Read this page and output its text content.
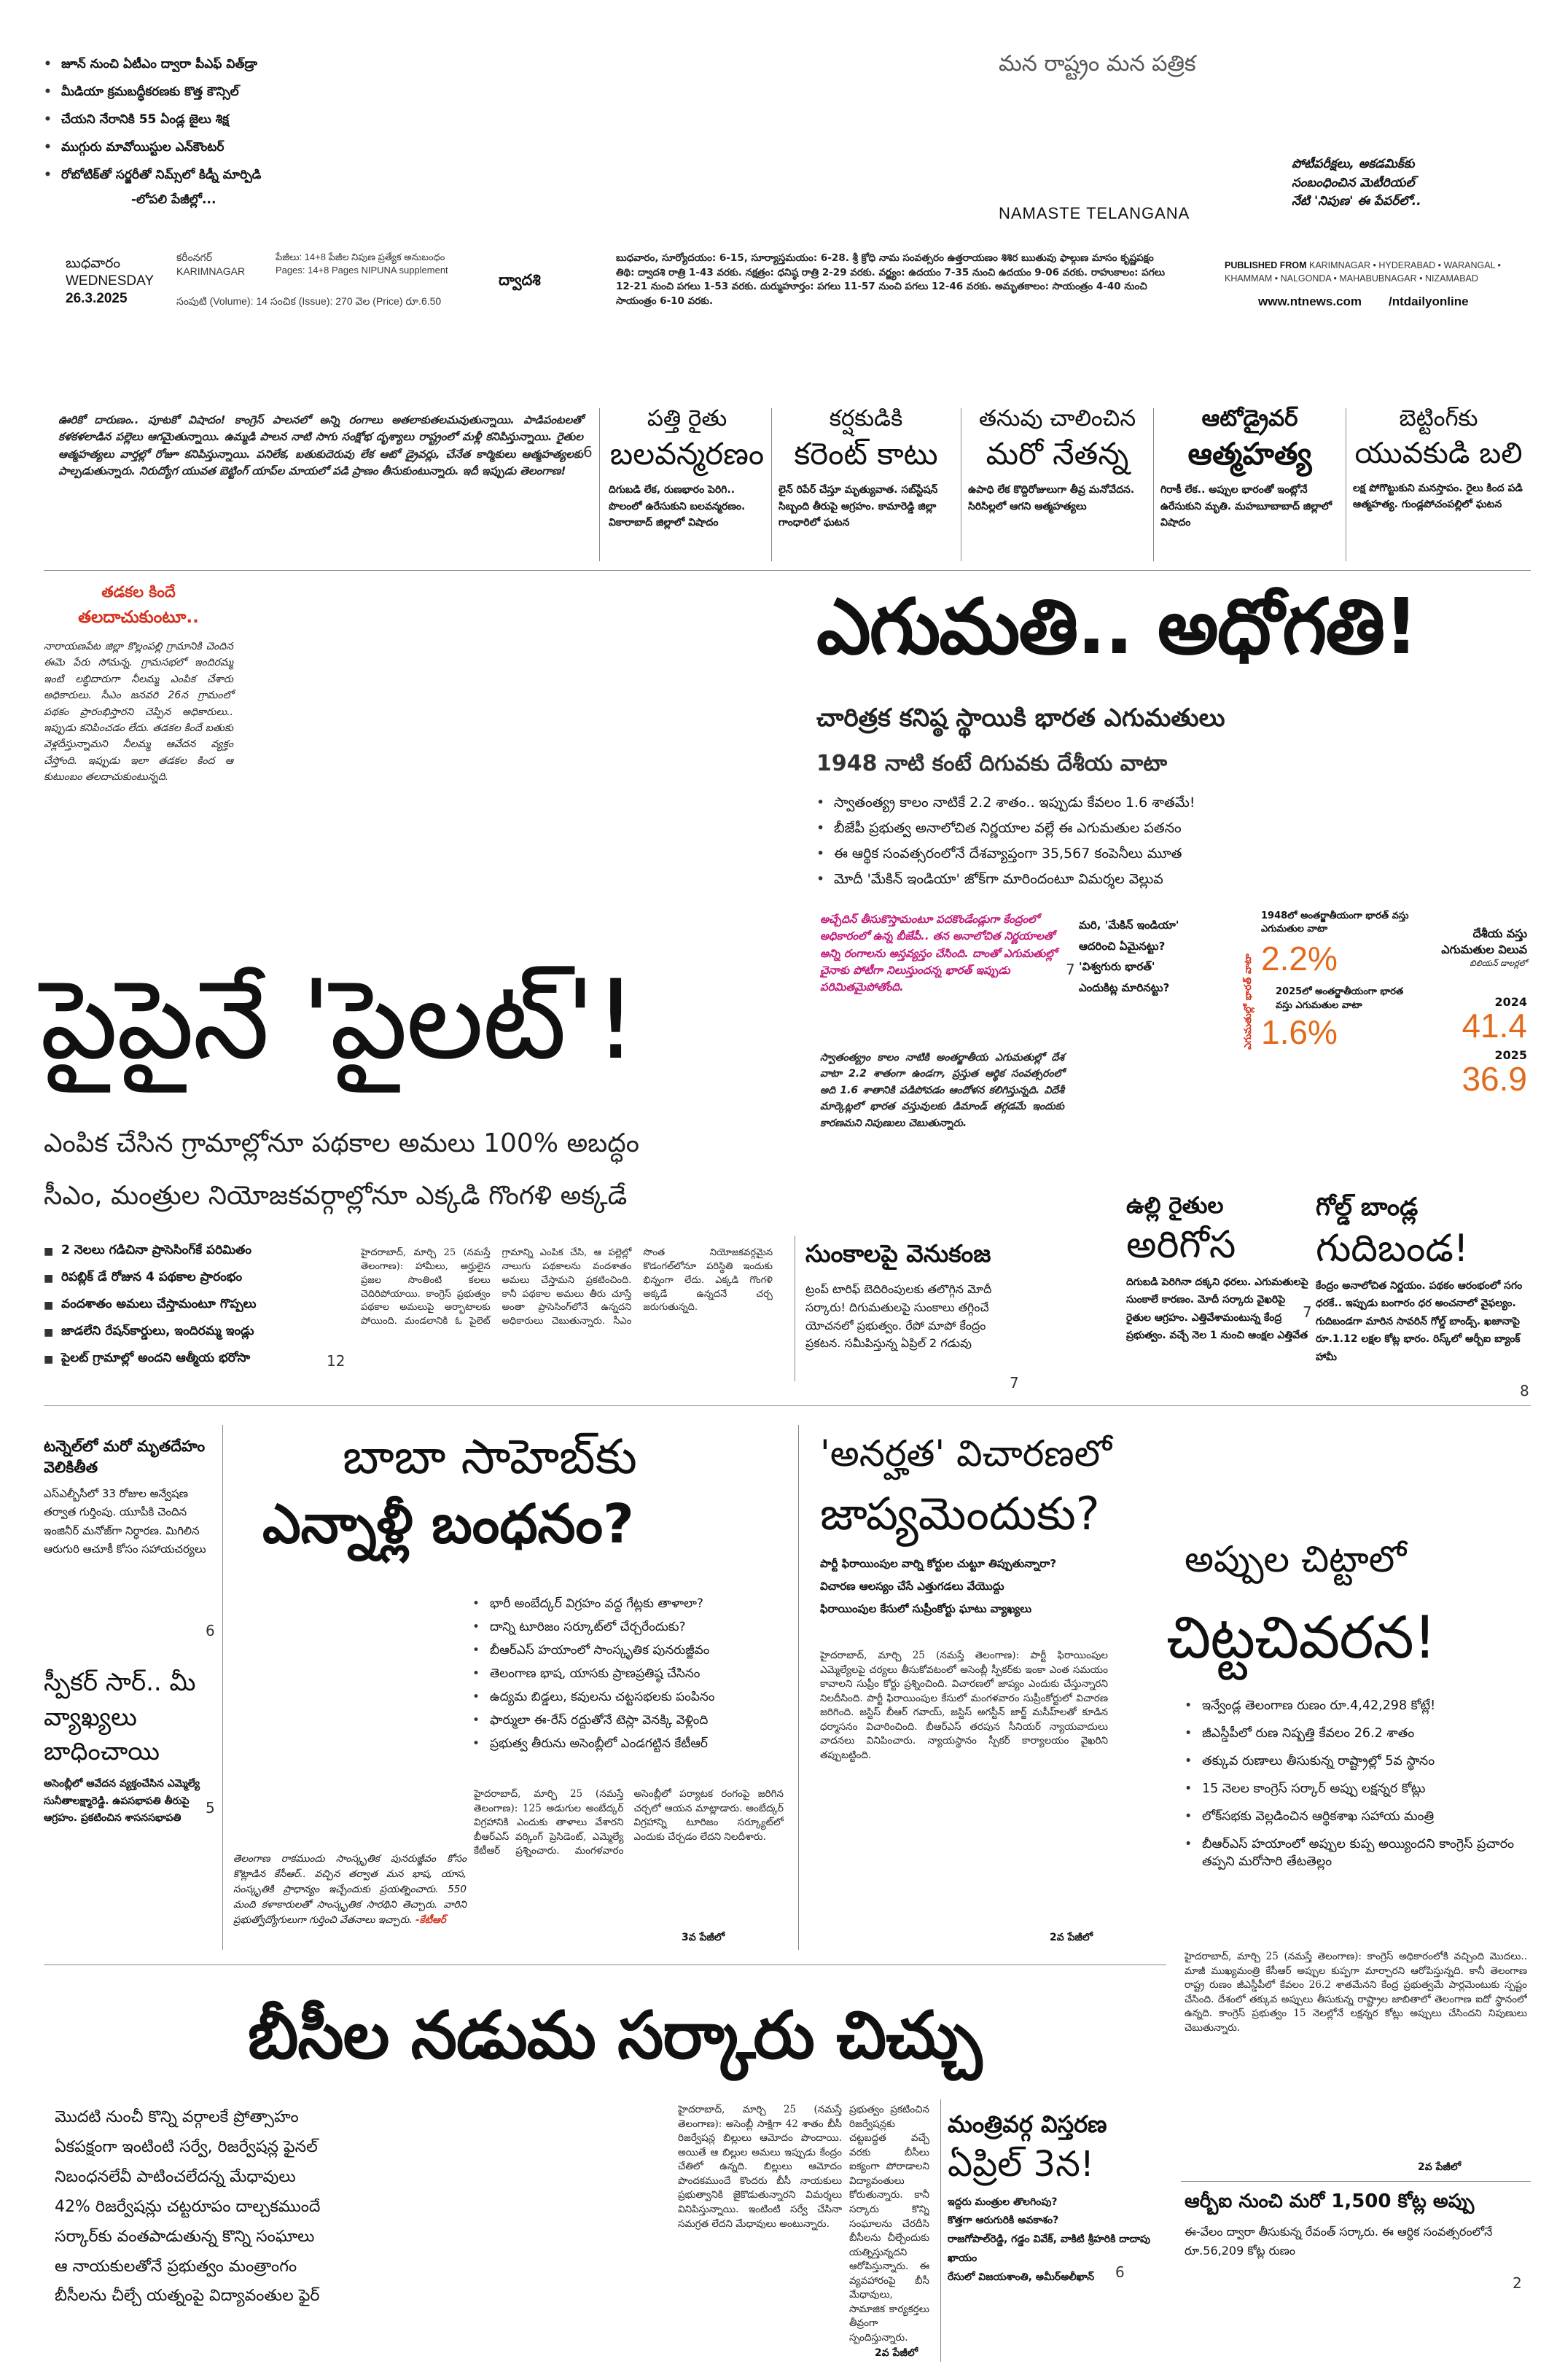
• జూన్ నుంచి ఏటీఎం ద్వారా పీఎఫ్ విత్‌డ్రా
• మీడియా క్రమబద్ధీకరణకు కొత్త కౌన్సిల్
• చేయని నేరానికి 55 ఏండ్ల జైలు శిక్ష
• ముగ్గురు మావోయిస్టుల ఎన్‌కౌంటర్
• రోబోటిక్‌తో సర్జరీతో నిమ్స్‌లో కిడ్నీ మార్పిడి
-లోపలి పేజీల్లో...
మన రాష్ట్రం మన పత్రిక
NAMASTE TELANGANA
పోటీపరీక్షలు, అకడమిక్‌కు
సంబంధించిన మెటీరియల్
నేటి 'నిపుణ' ఈ పేపర్‌లో..
బుధవారం
WEDNESDAY
26.3.2025
కరీంనగర్
KARIMNAGAR
పేజీలు: 14+8 పేజీల నిపుణ ప్రత్యేక అనుబంధం
Pages: 14+8 Pages NIPUNA supplement
సంపుటి (Volume): 14 సంచిక (Issue): 270 వెల (Price) రూ.6.50
ద్వాదశి
బుధవారం, సూర్యోదయం: 6-15, సూర్యాస్తమయం: 6-28. శ్రీ క్రోధి నామ సంవత్సరం ఉత్తరాయణం శిశిర ఋతువు ఫాల్గుణ మాసం కృష్ణపక్షం తిథి: ద్వాదశి రాత్రి 1-43 వరకు. నక్షత్రం: ధనిష్ఠ రాత్రి 2-29 వరకు. వర్జ్యం: ఉదయం 7-35 నుంచి ఉదయం 9-06 వరకు. రాహుకాలం: పగలు 12-21 నుంచి పగలు 1-53 వరకు. దుర్ముహూర్తం: పగలు 11-57 నుంచి పగలు 12-46 వరకు. అమృతకాలం: సాయంత్రం 4-40 నుంచి సాయంత్రం 6-10 వరకు.
PUBLISHED FROM KARIMNAGAR • HYDERABAD • WARANGAL • KHAMMAM • NALGONDA • MAHABUBNAGAR • NIZAMABAD
www.ntnews.com /ntdailyonline
ఊరికో దారుణం.. పూటకో విషాదం! కాంగ్రెస్ పాలనలో అన్ని రంగాలు అతలాకుతలమవుతున్నాయి. పాడిపంటలతో కళకళలాడిన పల్లెలు ఆగమైతున్నాయి. ఉమ్మడి పాలన నాటి సాగు సంక్షోభ దృశ్యాలు రాష్ట్రంలో మళ్లీ కనిపిస్తున్నాయి. రైతుల ఆత్మహత్యలు వార్తల్లో రోజూ కనిపిస్తున్నాయి. పనిలేక, బతుకుదెరువు లేక ఆటో డ్రైవర్లు, చేనేత కార్మికులు ఆత్మహత్యలకు పాల్పడుతున్నారు. నిరుద్యోగ యువత బెట్టింగ్ యాప్‌ల మాయలో పడి ప్రాణం తీసుకుంటున్నారు. ఇదీ ఇప్పుడు తెలంగాణ!
6
పత్తి రైతు
బలవన్మరణం
దిగుబడి లేక, రుణభారం పెరిగి.. పొలంలో ఉరేసుకుని బలవన్మరణం. వికారాబాద్ జిల్లాలో విషాదం
కర్షకుడికి
కరెంట్ కాటు
లైన్ రిపేర్ చేస్తూ మృత్యువాత. సబ్‌స్టేషన్ సిబ్బంది తీరుపై ఆగ్రహం. కామారెడ్డి జిల్లా గాంధారిలో ఘటన
తనువు చాలించిన
మరో నేతన్న
ఉపాధి లేక కొద్దిరోజులుగా తీవ్ర మనోవేదన. సిరిసిల్లలో ఆగని ఆత్మహత్యలు
ఆటోడ్రైవర్
ఆత్మహత్య
గిరాకీ లేక.. అప్పుల భారంతో ఇంట్లోనే ఉరేసుకుని మృతి. మహబూబాబాద్ జిల్లాలో విషాదం
బెట్టింగ్‌కు
యువకుడి బలి
లక్ష పోగొట్టుకుని మనస్తాపం. రైలు కింద పడి ఆత్మహత్య. గుండ్లపోచంపల్లిలో ఘటన
తడకల కిందే
తలదాచుకుంటూ..
నారాయణపేట జిల్లా కొల్లంపల్లి గ్రామానికి చెందిన ఈమె పేరు సోమన్న. గ్రామసభలో ఇందిరమ్మ ఇంటి లబ్ధిదారుగా నీలమ్మ ఎంపిక చేశారు అధికారులు. సీఎం జనవరి 26న గ్రామంలో పథకం ప్రారంభిస్తారని చెప్పిన అధికారులు.. ఇప్పుడు కనిపించడం లేదు. తడకల కిందే బతుకు వెళ్లదీస్తున్నామని నీలమ్మ ఆవేదన వ్యక్తం చేస్తోంది. ఇప్పుడు ఇలా తడకల కింద ఆ కుటుంబం తలదాచుకుంటున్నది.
ఎగుమతి.. అధోగతి!
చారిత్రక కనిష్ఠ స్థాయికి భారత ఎగుమతులు
1948 నాటి కంటే దిగువకు దేశీయ వాటా
• స్వాతంత్య్ర కాలం నాటికే 2.2 శాతం.. ఇప్పుడు కేవలం 1.6 శాతమే!
• బీజేపీ ప్రభుత్వ అనాలోచిత నిర్ణయాల వల్లే ఈ ఎగుమతుల పతనం
• ఈ ఆర్థిక సంవత్సరంలోనే దేశవ్యాప్తంగా 35,567 కంపెనీలు మూత
• మోదీ 'మేకిన్ ఇండియా' జోక్‌గా మారిందంటూ విమర్శల వెల్లువ
అచ్చేదిన్ తీసుకొస్తామంటూ పదకొండేండ్లుగా కేంద్రంలో అధికారంలో ఉన్న బీజేపీ.. తన అనాలోచిత నిర్ణయాలతో అన్ని రంగాలను అస్తవ్యస్తం చేసింది. దాంతో ఎగుమతుల్లో చైనాకు పోటీగా నిలుస్తుందన్న భారత్ ఇప్పుడు పరిమితమైపోతోంది.
స్వాతంత్య్రం కాలం నాటికి అంతర్జాతీయ ఎగుమతుల్లో దేశ వాటా 2.2 శాతంగా ఉండగా, ప్రస్తుత ఆర్థిక సంవత్సరంలో అది 1.6 శాతానికి పడిపోవడం ఆందోళన కలిగిస్తున్నది. విదేశీ మార్కెట్లలో భారత వస్తువులకు డిమాండ్ తగ్గడమే ఇందుకు కారణమని నిపుణులు చెబుతున్నారు.
7
మరి, 'మేకిన్ ఇండియా'
ఆదరించి ఏమైనట్టు?
'విశ్వగురు భారత్'
ఎందుకిట్ల మారినట్టు?	ఎగుమతుల్లో భారత్ వాటా
1948లో అంతర్జాతీయంగా భారత్ వస్తు ఎగుమతుల వాటా
2.2%
2025లో అంతర్జాతీయంగా భారత వస్తు ఎగుమతుల వాటా
1.6%
దేశీయ వస్తు ఎగుమతుల విలువ
బిలియన్ డాలర్లలో
2024
41.4
2025
36.9
పైపైనే 'పైలట్'!
ఎంపిక చేసిన గ్రామాల్లోనూ పథకాల అమలు 100% అబద్ధం
సీఎం, మంత్రుల నియోజకవర్గాల్లోనూ ఎక్కడి గొంగళి అక్కడే
■ 2 నెలలు గడిచినా ప్రాసెసింగ్‌కే పరిమితం
■ రిపబ్లిక్ డే రోజున 4 పథకాల ప్రారంభం
■ వందశాతం అమలు చేస్తామంటూ గొప్పలు
■ జాడలేని రేషన్‌కార్డులు, ఇందిరమ్మ ఇండ్లు
■ పైలట్ గ్రామాల్లో అందని ఆత్మీయ భరోసా
హైదరాబాద్, మార్చి 25 (నమస్తే తెలంగాణ): హామీలు, అర్హులైన ప్రజల సొంతింటి కలలు చెదిరిపోయాయి. కాంగ్రెస్ ప్రభుత్వం పథకాల అమలుపై అర్భాటాలకు పోయింది. మండలానికి ఓ పైలెట్ గ్రామాన్ని ఎంపిక చేసి, ఆ పల్లెల్లో నాలుగు పథకాలను వందశాతం అమలు చేస్తామని ప్రకటించింది. కానీ పథకాల అమలు తీరు చూస్తే అంతా ప్రాసెసింగ్‌లోనే ఉన్నదని అధికారులు చెబుతున్నారు. సీఎం సొంత నియోజకవర్గమైన కొడంగల్‌లోనూ పరిస్థితి ఇందుకు భిన్నంగా లేదు. ఎక్కడి గొంగళి అక్కడే ఉన్నదనే చర్చ జరుగుతున్నది.
12
సుంకాలపై వెనుకంజ
ట్రంప్ టారిఫ్ బెదిరింపులకు తలొగ్గిన మోదీ సర్కారు! దిగుమతులపై సుంకాలు తగ్గించే యోచనలో ప్రభుత్వం. రేపో మాపో కేంద్రం ప్రకటన. సమీపిస్తున్న ఏప్రిల్ 2 గడువు
7
ఉల్లి రైతుల
అరిగోస
దిగుబడి పెరిగినా దక్కని ధరలు. ఎగుమతులపై సుంకాలే కారణం. మోదీ సర్కారు వైఖరిపై రైతుల ఆగ్రహం. ఎత్తివేశామంటున్న కేంద్ర ప్రభుత్వం. వచ్చే నెల 1 నుంచి ఆంక్షల ఎత్తివేత
7
గోల్డ్ బాండ్ల
గుదిబండ!
కేంద్రం అనాలోచిత నిర్ణయం. పథకం ఆరంభంలో సగం ధరకే.. ఇప్పుడు బంగారం ధర అంచనాలో వైఫల్యం. గుదిబండగా మారిన సావరిన్ గోల్డ్ బాండ్స్. ఖజానాపై రూ.1.12 లక్షల కోట్ల భారం. రిస్క్‌లో ఆర్బీఐ బ్యాంక్ హామీ
8
టన్నెల్‌లో మరో మృతదేహం వెలికితీత
ఎస్ఎల్బీసీలో 33 రోజుల అన్వేషణ తర్వాత గుర్తింపు. యూపీకి చెందిన ఇంజినీర్ మనోజ్‌గా నిర్ధారణ. మిగిలిన ఆరుగురి ఆచూకీ కోసం సహాయచర్యలు
6
స్పీకర్ సార్.. మీ వ్యాఖ్యలు బాధించాయి
అసెంబ్లీలో ఆవేదన వ్యక్తంచేసిన ఎమ్మెల్యే సునీతాలక్ష్మారెడ్డి. ఉపసభాపతి తీరుపై ఆగ్రహం. ప్రకటించిన శాసనసభాపతి
5
బాబా సాహెబ్‌కు
ఎన్నాళ్లీ బంధనం?
• భారీ అంబేద్కర్ విగ్రహం వద్ద గేట్లకు తాళాలా?
• దాన్ని టూరిజం సర్కూట్‌లో చేర్చరేందుకు?
• బీఆర్ఎస్ హయాంలో సాంస్కృతిక పునరుజ్జీవం
• తెలంగాణ భాష, యాసకు ప్రాణప్రతిష్ఠ చేసినం
• ఉద్యమ బిడ్డలు, కవులను చట్టసభలకు పంపినం
• ఫార్ములా ఈ-రేస్ రద్దుతోనే టెస్లా వెనక్కి వెళ్లింది
• ప్రభుత్వ తీరును అసెంబ్లీలో ఎండగట్టిన కేటీఆర్
తెలంగాణ రాకముందు సాంస్కృతిక పునరుజ్జీవం కోసం కొట్లాడిన కేసీఆర్.. వచ్చిన తర్వాత మన భాష, యాస, సంస్కృతికి ప్రాధాన్యం ఇచ్చేందుకు ప్రయత్నించారు. 550 మంది కళాకారులతో సాంస్కృతిక సారథిని తెచ్చారు. వారిని ప్రభుత్వోద్యోగులుగా గుర్తించి వేతనాలు ఇచ్చారు. -కేటీఆర్
హైదరాబాద్, మార్చి 25 (నమస్తే తెలంగాణ): 125 అడుగుల అంబేద్కర్ విగ్రహానికి ఎందుకు తాళాలు వేశారని బీఆర్ఎస్ వర్కింగ్ ప్రెసిడెంట్, ఎమ్మెల్యే కేటీఆర్ ప్రశ్నించారు. మంగళవారం అసెంబ్లీలో పర్యాటక రంగంపై జరిగిన చర్చలో ఆయన మాట్లాడారు. అంబేద్కర్ విగ్రహాన్ని టూరిజం సర్క్యూట్‌లో ఎందుకు చేర్చడం లేదని నిలదీశారు.
3వ పేజీలో
'అనర్హత' విచారణలో
జాప్యమెందుకు?
పార్టీ ఫిరాయింపుల వార్ని కోర్టుల చుట్టూ తిప్పుతున్నారా?
విచారణ ఆలస్యం చేసే ఎత్తుగడలు వేయొద్దు
ఫిరాయింపుల కేసులో సుప్రీంకోర్టు ఘాటు వ్యాఖ్యలు
హైదరాబాద్, మార్చి 25 (నమస్తే తెలంగాణ): పార్టీ ఫిరాయింపుల ఎమ్మెల్యేలపై చర్యలు తీసుకోవటంలో అసెంబ్లీ స్పీకర్‌కు ఇంకా ఎంత సమయం కావాలని సుప్రీం కోర్టు ప్రశ్నించింది. విచారణలో జాప్యం ఎందుకు చేస్తున్నారని నిలదీసింది. పార్టీ ఫిరాయింపుల కేసులో మంగళవారం సుప్రీంకోర్టులో విచారణ జరిగింది. జస్టిస్ బీఆర్ గవాయ్, జస్టిస్ అగస్టీన్ జార్జ్ మసీహ్‌లతో కూడిన ధర్మాసనం విచారించింది. బీఆర్ఎస్ తరపున సీనియర్ న్యాయవాదులు వాదనలు వినిపించారు. న్యాయస్థానం స్పీకర్ కార్యాలయం వైఖరిని తప్పుబట్టింది.
2వ పేజీలో
అప్పుల చిట్టాలో
చిట్టచివరన!
• ఇన్వేండ్ల తెలంగాణ రుణం రూ.4,42,298 కోట్లే!
• జీఎస్డీపీలో రుణ నిష్పత్తి కేవలం 26.2 శాతం
• తక్కువ రుణాలు తీసుకున్న రాష్ట్రాల్లో 5వ స్థానం
• 15 నెలల కాంగ్రెస్ సర్కార్ అప్పు లక్షన్నర కోట్లు
• లోక్‌సభకు వెల్లడించిన ఆర్థికశాఖ సహాయ మంత్రి
• బీఆర్ఎస్ హయాంలో అప్పుల కుప్ప అయ్యిందని కాంగ్రెస్ ప్రచారం తప్పని మరోసారి తేటతెల్లం
హైదరాబాద్, మార్చి 25 (నమస్తే తెలంగాణ): కాంగ్రెస్ అధికారంలోకి వచ్చింది మొదలు.. మాజీ ముఖ్యమంత్రి కేసీఆర్ అప్పుల కుప్పగా మార్చారని ఆరోపిస్తున్నది. కానీ తెలంగాణ రాష్ట్ర రుణం జీఎస్డీపీలో కేవలం 26.2 శాతమేనని కేంద్ర ప్రభుత్వమే పార్లమెంటుకు స్పష్టం చేసింది. దేశంలో తక్కువ అప్పులు తీసుకున్న రాష్ట్రాల జాబితాలో తెలంగాణ ఐదో స్థానంలో ఉన్నది. కాంగ్రెస్ ప్రభుత్వం 15 నెలల్లోనే లక్షన్నర కోట్లు అప్పులు చేసిందని నిపుణులు చెబుతున్నారు.
2వ పేజీలో
ఆర్బీఐ నుంచి మరో 1,500 కోట్ల అప్పు
ఈ-వేలం ద్వారా తీసుకున్న రేవంత్ సర్కారు. ఈ ఆర్థిక సంవత్సరంలోనే రూ.56,209 కోట్ల రుణం
2
బీసీల నడుమ సర్కారు చిచ్చు
మొదటి నుంచీ కొన్ని వర్గాలకే ప్రోత్సాహం
ఏకపక్షంగా ఇంటింటి సర్వే, రిజర్వేషన్ల ఫైనల్
నిబంధనలేవీ పాటించలేదన్న మేధావులు
42% రిజర్వేషన్లు చట్టరూపం దాల్చకముందే
సర్కార్‌కు వంతపాడుతున్న కొన్ని సంఘాలు
ఆ నాయకులతోనే ప్రభుత్వం మంత్రాంగం
బీసీలను చీల్చే యత్నంపై విద్యావంతుల ఫైర్
హైదరాబాద్, మార్చి 25 (నమస్తే తెలంగాణ): అసెంబ్లీ సాక్షిగా 42 శాతం బీసీ రిజర్వేషన్ల బిల్లులు ఆమోదం పొందాయి. అయితే ఆ బిల్లుల అమలు ఇప్పుడు కేంద్రం చేతిలో ఉన్నది. బిల్లులు ఆమోదం పొందకముందే కొందరు బీసీ నాయకులు ప్రభుత్వానికి జైకొడుతున్నారని విమర్శలు వినిపిస్తున్నాయి. ఇంటింటి సర్వే చేసినా సమగ్రత లేదని మేధావులు అంటున్నారు.
ప్రభుత్వం ప్రకటించిన రిజర్వేషన్లకు చట్టబద్ధత వచ్చే వరకు బీసీలు ఐక్యంగా పోరాడాలని విద్యావంతులు కోరుతున్నారు. కానీ సర్కారు కొన్ని సంఘాలను చేరదీసి బీసీలను చీల్చేందుకు యత్నిస్తున్నదని ఆరోపిస్తున్నారు. ఈ వ్యవహారంపై బీసీ మేధావులు, సామాజిక కార్యకర్తలు తీవ్రంగా స్పందిస్తున్నారు.
2వ పేజీలో
మంత్రివర్గ విస్తరణ
ఏప్రిల్ 3న!
ఇద్దరు మంత్రుల తొలగింపు?
కొత్తగా ఆరుగురికి అవకాశం?
రాజగోపాల్‌రెడ్డి, గడ్డం వివేక్, వాకిటి శ్రీహరికి దాదాపు ఖాయం
రేసులో విజయశాంతి, అమీర్‌అలీఖాన్	6
